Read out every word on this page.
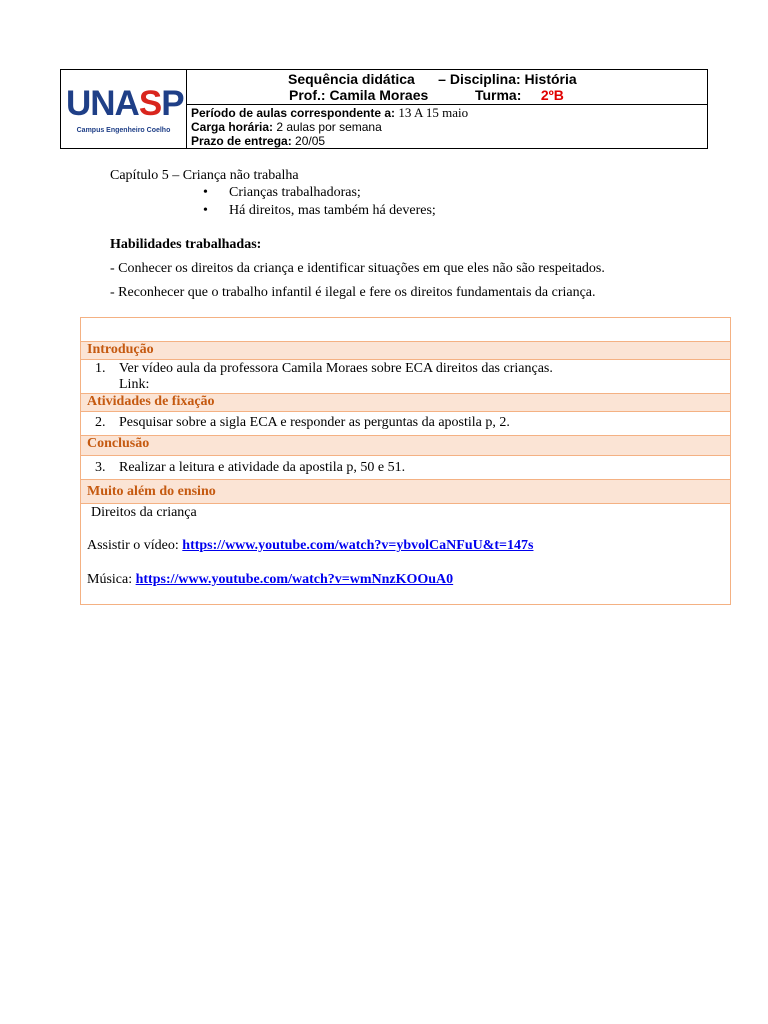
UNASP
Campus Engenheiro Coelho
Sequência didática – Disciplina: História
Prof.: Camila Moraes	Turma: 2ºB
Período de aulas correspondente a: 13 A 15 maio
Carga horária: 2 aulas por semana
Prazo de entrega: 20/05
Capítulo 5 – Criança não trabalha
• Crianças trabalhadoras;
• Há direitos, mas também há deveres;
Habilidades trabalhadas:
- Conhecer os direitos da criança e identificar situações em que eles não são respeitados.
- Reconhecer que o trabalho infantil é ilegal e fere os direitos fundamentais da criança.
Introdução
1. Ver vídeo aula da professora Camila Moraes sobre ECA direitos das crianças.
Link:
Atividades de fixação
2. Pesquisar sobre a sigla ECA e responder as perguntas da apostila p, 2.
Conclusão
3. Realizar a leitura e atividade da apostila p, 50 e 51.
Muito além do ensino
Direitos da criança
Assistir o vídeo: https://www.youtube.com/watch?v=ybvolCaNFuU&t=147s
Música: https://www.youtube.com/watch?v=wmNnzKOOuA0
